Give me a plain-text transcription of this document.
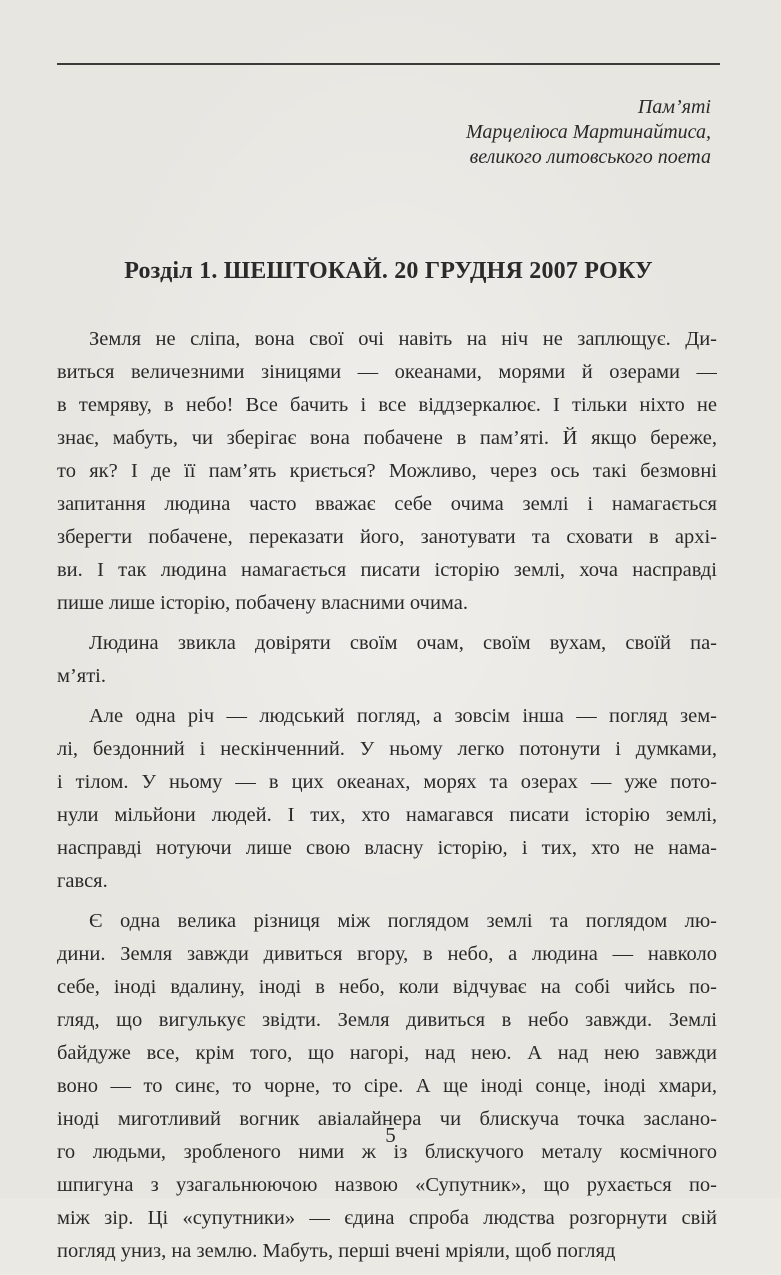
Пам’яті
Марцеліюса Мартинайтиса,
великого литовського поета
Розділ 1. ШЕШТОКАЙ. 20 ГРУДНЯ 2007 РОКУ
Земля не сліпа, вона свої очі навіть на ніч не заплющує. Ди-
виться величезними зіницями — океанами, морями й озерами —
в темряву, в небо! Все бачить і все віддзеркалює. І тільки ніхто не
знає, мабуть, чи зберігає вона побачене в пам’яті. Й якщо береже,
то як? І де її пам’ять криється? Можливо, через ось такі безмовні
запитання людина часто вважає себе очима землі і намагається
зберегти побачене, переказати його, занотувати та сховати в архі-
ви. І так людина намагається писати історію землі, хоча насправді
пише лише історію, побачену власними очима.
Людина звикла довіряти своїм очам, своїм вухам, своїй па-
м’яті.
Але одна річ — людський погляд, а зовсім інша — погляд зем-
лі, бездонний і нескінченний. У ньому легко потонути і думками,
і тілом. У ньому — в цих океанах, морях та озерах — уже пото-
нули мільйони людей. І тих, хто намагався писати історію землі,
насправді нотуючи лише свою власну історію, і тих, хто не нама-
гався.
Є одна велика різниця між поглядом землі та поглядом лю-
дини. Земля завжди дивиться вгору, в небо, а людина — навколо
себе, іноді вдалину, іноді в небо, коли відчуває на собі чийсь по-
гляд, що вигулькує звідти. Земля дивиться в небо завжди. Землі
байдуже все, крім того, що нагорі, над нею. А над нею завжди
воно — то синє, то чорне, то сіре. А ще іноді сонце, іноді хмари,
іноді миготливий вогник авіалайнера чи блискуча точка заслано-
го людьми, зробленого ними ж із блискучого металу космічного
шпигуна з узагальнюючою назвою «Супутник», що рухається по-
між зір. Ці «супутники» — єдина спроба людства розгорнути свій
погляд униз, на землю. Мабуть, перші вчені мріяли, щоб погляд
5
